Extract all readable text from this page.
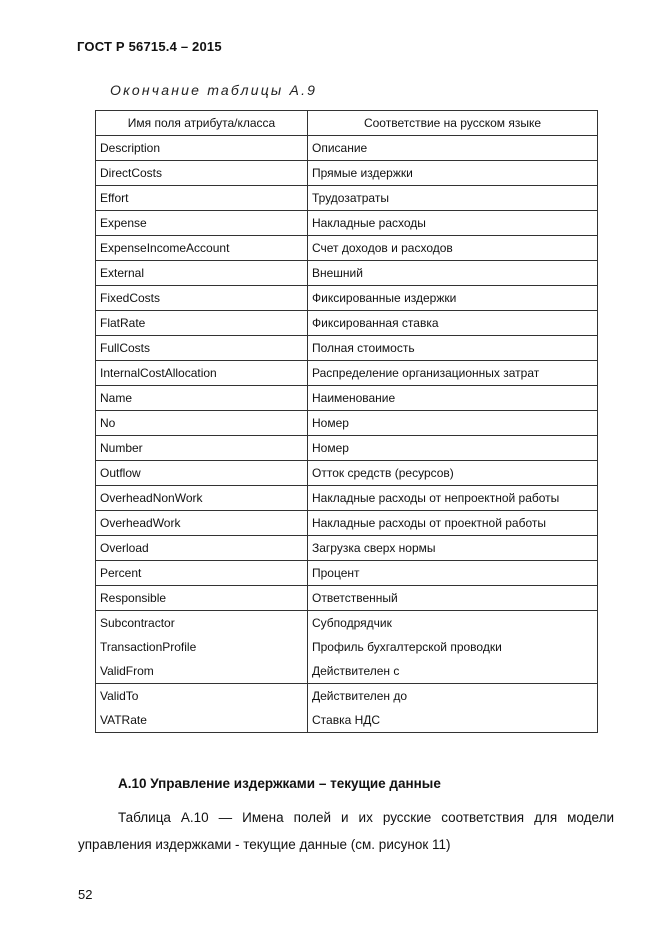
ГОСТ Р 56715.4 – 2015
Окончание таблицы А.9
Имя поля атрибута/класса	Соответствие на русском языке
Description	Описание
DirectCosts	Прямые издержки
Effort	Трудозатраты
Expense	Накладные расходы
ExpenseIncomeAccount	Счет доходов и расходов
External	Внешний
FixedCosts	Фиксированные издержки
FlatRate	Фиксированная ставка
FullCosts	Полная стоимость
InternalCostAllocation	Распределение организационных затрат
Name	Наименование
No	Номер
Number	Номер
Outflow	Отток средств (ресурсов)
OverheadNonWork	Накладные расходы от непроектной работы
OverheadWork	Накладные расходы от проектной работы
Overload	Загрузка сверх нормы
Percent	Процент
Responsible	Ответственный
Subcontractor	Субподрядчик
TransactionProfile	Профиль бухгалтерской проводки
ValidFrom	Действителен с
ValidTo	Действителен до
VATRate	Ставка НДС
А.10 Управление издержками – текущие данные
Таблица А.10 — Имена полей и их русские соответствия для модели управления издержками - текущие данные (см. рисунок 11)
52
